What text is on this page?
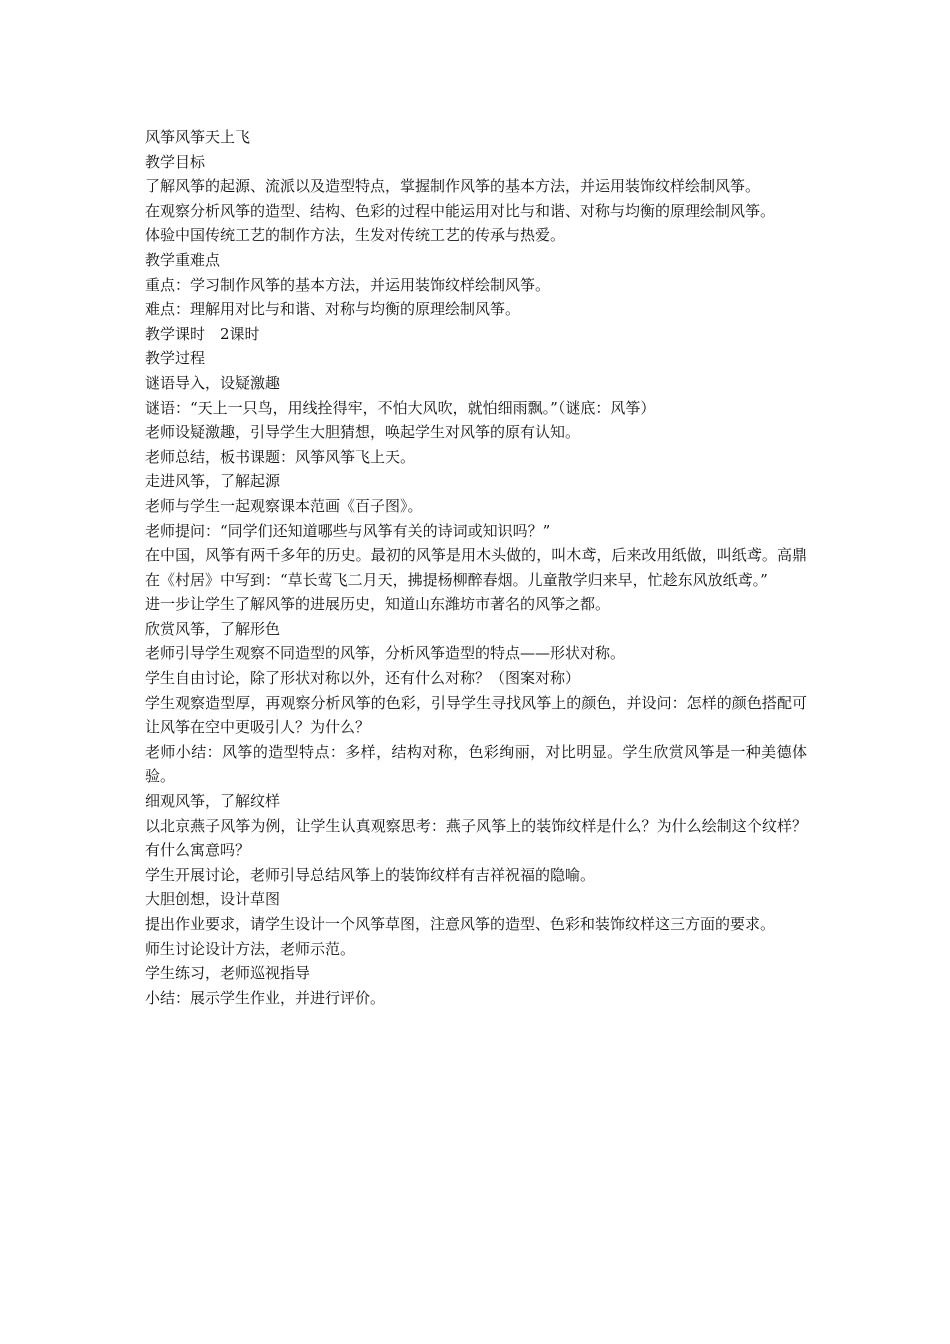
风筝风筝天上飞

教学目标

了解风筝的起源、流派以及造型特点，掌握制作风筝的基本方法，并运用装饰纹样绘制风筝。

在观察分析风筝的造型、结构、色彩的过程中能运用对比与和谐、对称与均衡的原理绘制风筝。

体验中国传统工艺的制作方法，生发对传统工艺的传承与热爱。

教学重难点

重点：学习制作风筝的基本方法，并运用装饰纹样绘制风筝。

难点：理解用对比与和谐、对称与均衡的原理绘制风筝。

教学课时　2课时

教学过程

谜语导入，设疑激趣

谜语：“天上一只鸟，用线拴得牢，不怕大风吹，就怕细雨飘。”（谜底：风筝）

老师设疑激趣，引导学生大胆猜想，唤起学生对风筝的原有认知。

老师总结，板书课题：风筝风筝飞上天。

走进风筝，了解起源

老师与学生一起观察课本范画《百子图》。

老师提问：“同学们还知道哪些与风筝有关的诗词或知识吗？”

在中国，风筝有两千多年的历史。最初的风筝是用木头做的，叫木鸢，后来改用纸做，叫纸鸢。高鼎在《村居》中写到：“草长莺飞二月天，拂提杨柳醉春烟。儿童散学归来早，忙趁东风放纸鸢。”

进一步让学生了解风筝的进展历史，知道山东潍坊市著名的风筝之都。

欣赏风筝，了解形色

老师引导学生观察不同造型的风筝，分析风筝造型的特点——形状对称。

学生自由讨论，除了形状对称以外，还有什么对称？（图案对称）

学生观察造型厚，再观察分析风筝的色彩，引导学生寻找风筝上的颜色，并设问：怎样的颜色搭配可让风筝在空中更吸引人？为什么？

老师小结：风筝的造型特点：多样，结构对称，色彩绚丽，对比明显。学生欣赏风筝是一种美德体验。

细观风筝，了解纹样

以北京燕子风筝为例，让学生认真观察思考：燕子风筝上的装饰纹样是什么？为什么绘制这个纹样？有什么寓意吗？

学生开展讨论，老师引导总结风筝上的装饰纹样有吉祥祝福的隐喻。

大胆创想，设计草图

提出作业要求，请学生设计一个风筝草图，注意风筝的造型、色彩和装饰纹样这三方面的要求。

师生讨论设计方法，老师示范。

学生练习，老师巡视指导

小结：展示学生作业，并进行评价。
